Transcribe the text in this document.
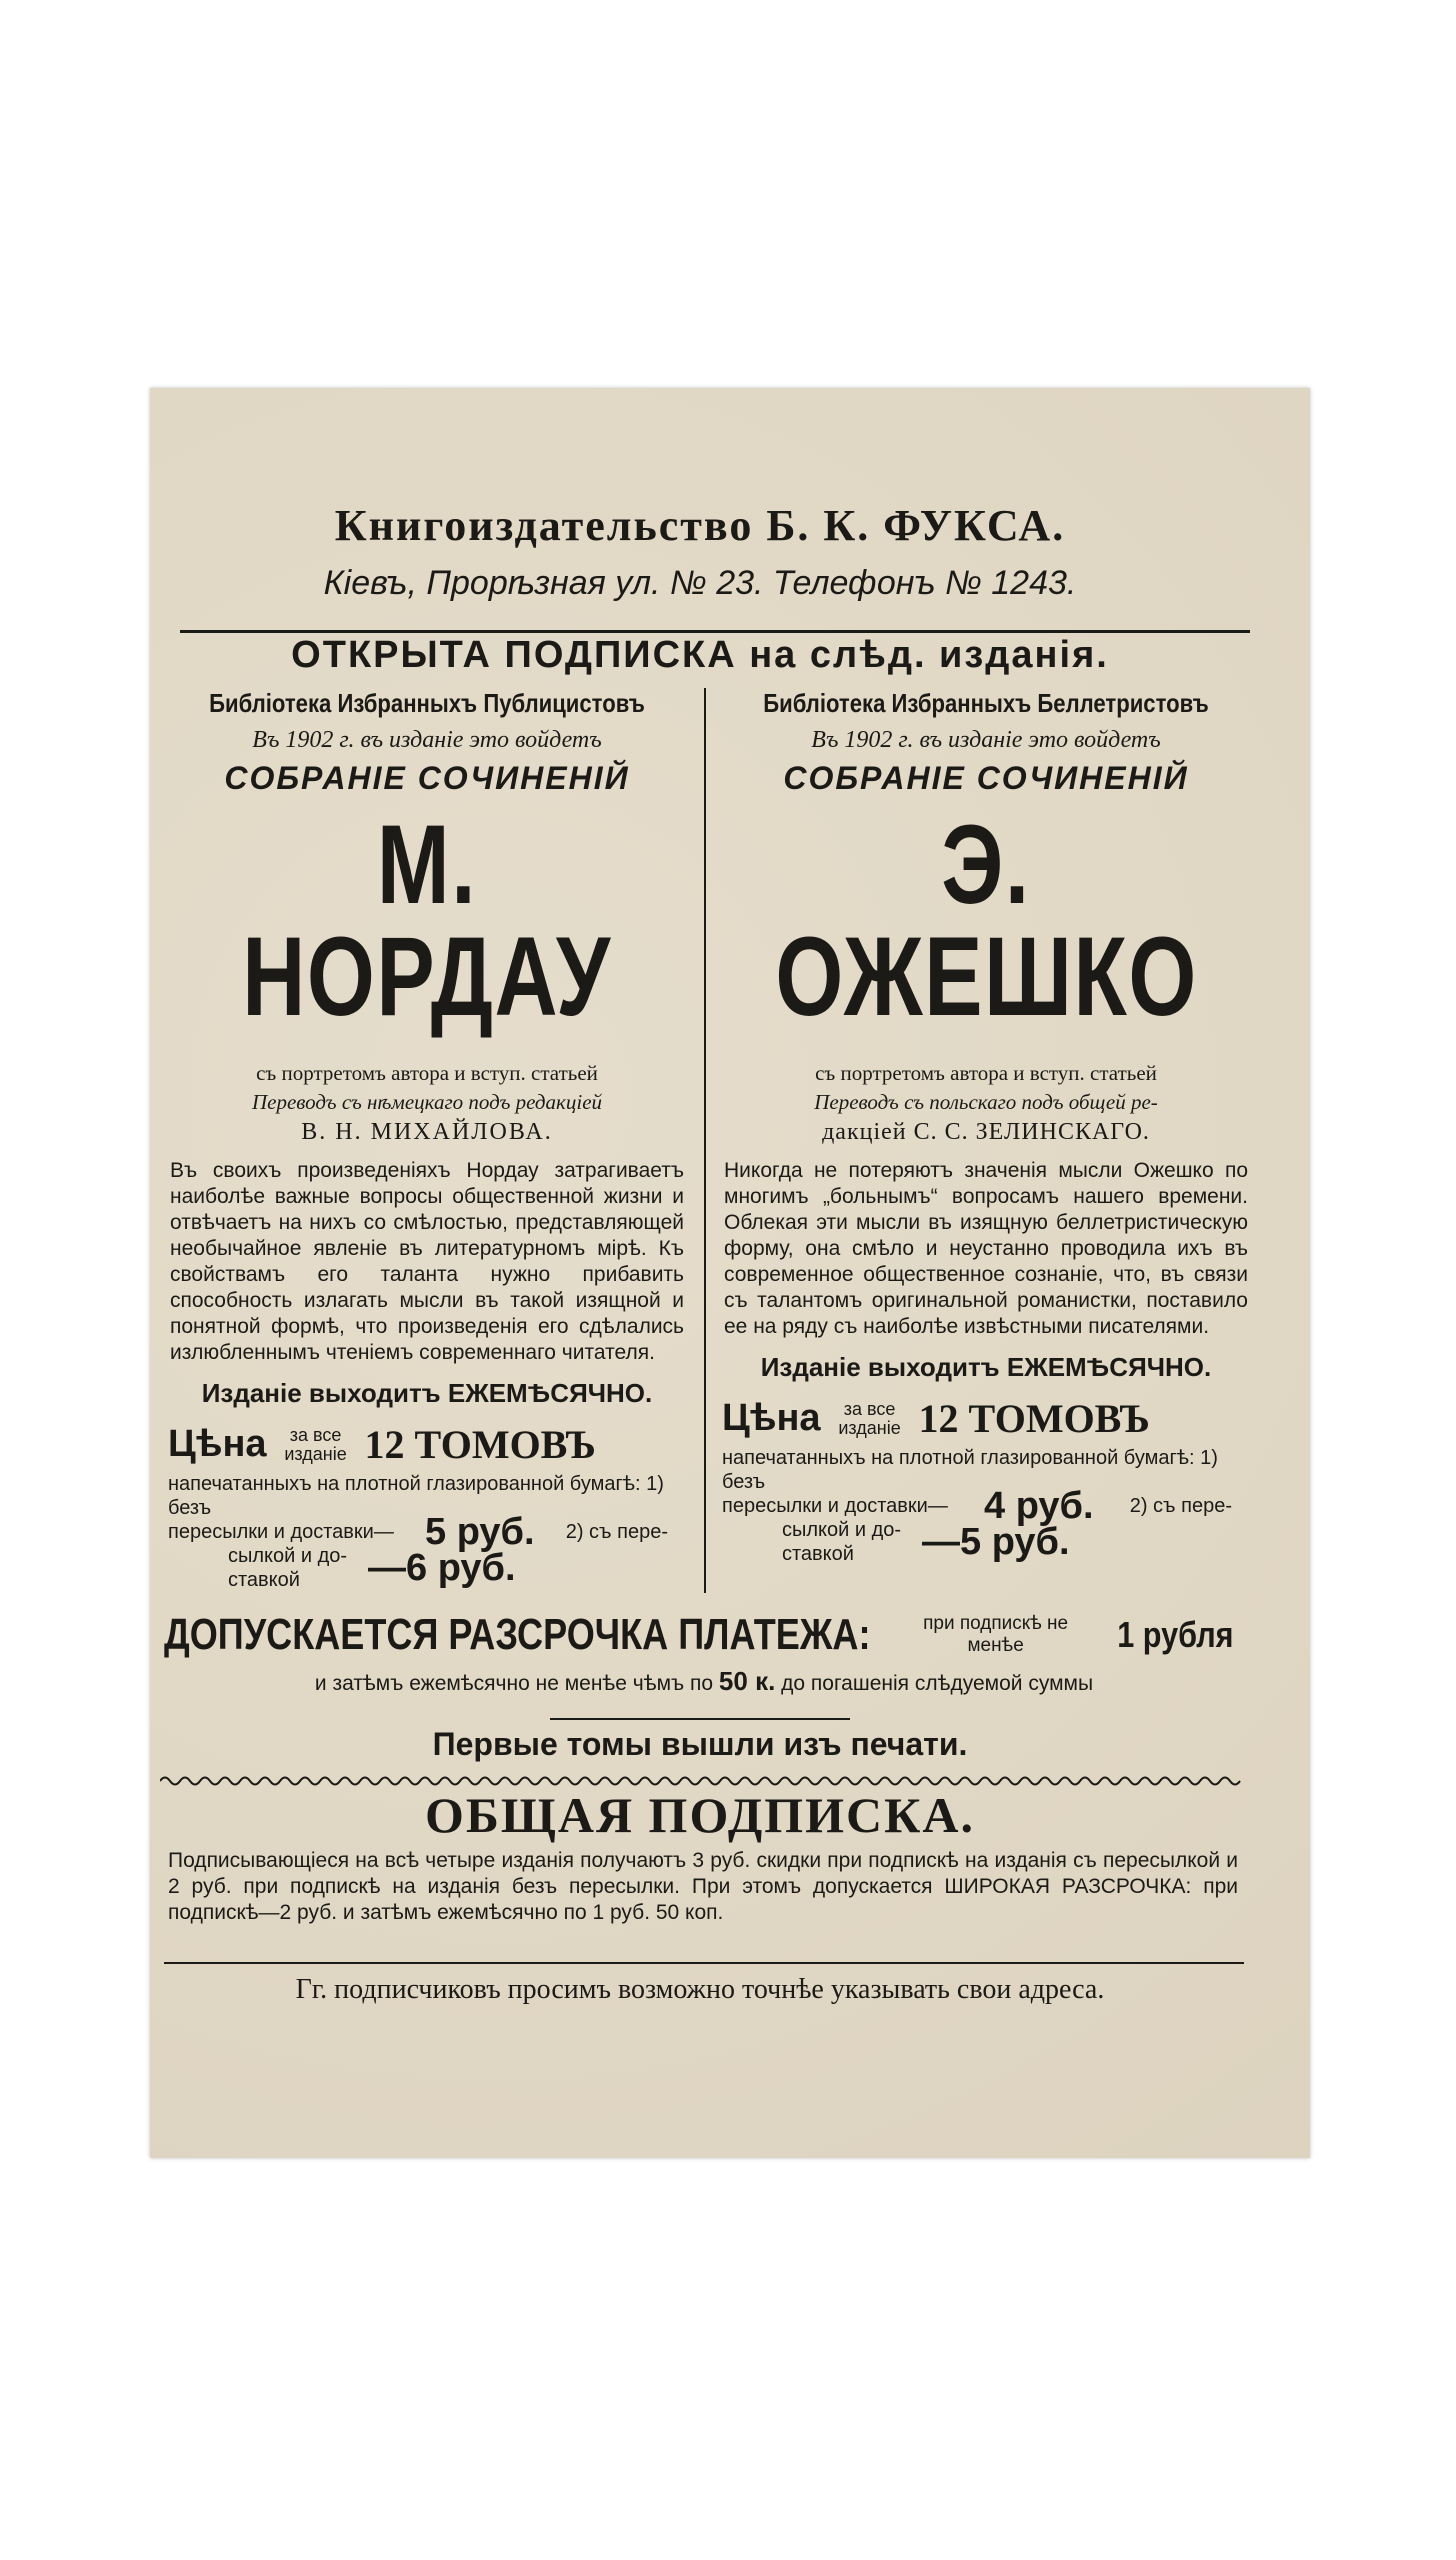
Книгоиздательство Б. К. ФУКСА.
Кіевъ, Прорѣзная ул. № 23. Телефонъ № 1243.
ОТКРЫТА ПОДПИСКА на слѣд. изданія.
Библіотека Избранныхъ Публицистовъ
Въ 1902 г. въ изданіе это войдетъ
СОБРАНІЕ СОЧИНЕНІЙ
М. НОРДАУ
съ портретомъ автора и вступ. статьей
Переводъ съ нѣмецкаго подъ редакціей
В. Н. МИХАЙЛОВА.
Въ своихъ произведеніяхъ Нордау затрагиваетъ наиболѣе важные вопросы общественной жизни и отвѣчаетъ на нихъ со смѣлостью, представляющей необычайное явленіе въ литературномъ мірѣ. Къ свойствамъ его таланта нужно прибавить способность излагать мысли въ такой изящной и понятной формѣ, что произведенія его сдѣлались излюбленнымъ чтеніемъ современнаго читателя.
Изданіе выходитъ ЕЖЕМѢСЯЧНО.
Цѣна за все изданіе 12 ТОМОВЪ
напечатанныхъ на плотной глазированной бумагѣ: 1) безъ
пересылки и доставки— 5 руб. 2) съ пере-
сылкой и до- ставкой	—6 руб.
Библіотека Избранныхъ Беллетристовъ
Въ 1902 г. въ изданіе это войдетъ
СОБРАНІЕ СОЧИНЕНІЙ
Э. ОЖЕШКО
съ портретомъ автора и вступ. статьей
Переводъ съ польскаго подъ общей ре-
дакціей С. С. ЗЕЛИНСКАГО.
Никогда не потеряютъ значенія мысли Ожешко по многимъ „больнымъ“ вопросамъ нашего времени. Облекая эти мысли въ изящную беллетристическую форму, она смѣло и неустанно проводила ихъ въ современное общественное сознаніе, что, въ связи съ талантомъ оригинальной романистки, поставило ее на ряду съ наиболѣе извѣстными писателями.
Изданіе выходитъ ЕЖЕМѢСЯЧНО.
Цѣна за все изданіе 12 ТОМОВЪ
напечатанныхъ на плотной глазированной бумагѣ: 1) безъ
пересылки и доставки— 4 руб. 2) съ пере-
сылкой и до- ставкой	—5 руб.
ДОПУСКАЕТСЯ РАЗСРОЧКА ПЛАТЕЖА:	при подпискѣ не менѣе	1 рубля
и затѣмъ ежемѣсячно не менѣе чѣмъ по 50 к. до погашенія слѣдуемой суммы
Первые томы вышли изъ печати.
ОБЩАЯ ПОДПИСКА.
Подписывающіеся на всѣ четыре изданія получаютъ 3 руб. скидки при подпискѣ на изданія съ пересылкой и 2 руб. при подпискѣ на изданія безъ пересылки. При этомъ допускается ШИРОКАЯ РАЗСРОЧКА: при подпискѣ—2 руб. и затѣмъ ежемѣсячно по 1 руб. 50 коп.
Гг. подписчиковъ просимъ возможно точнѣе указывать свои адреса.
